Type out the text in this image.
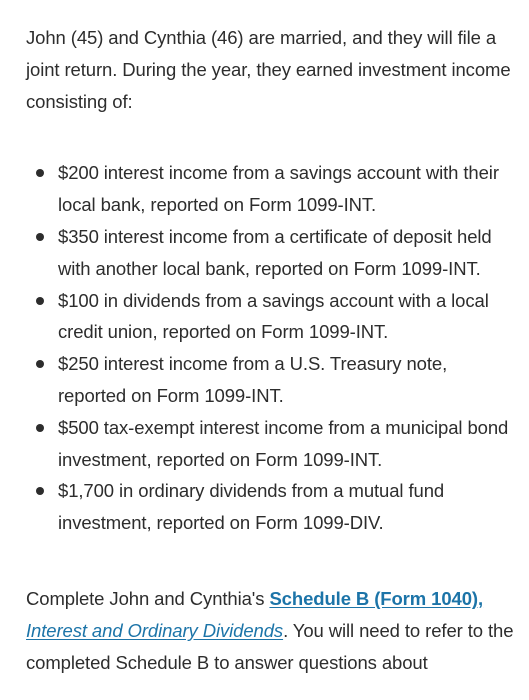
John (45) and Cynthia (46) are married, and they will file a joint return. During the year, they earned investment income consisting of:

$200 interest income from a savings account with their local bank, reported on Form 1099-INT.
$350 interest income from a certificate of deposit held with another local bank, reported on Form 1099-INT.
$100 in dividends from a savings account with a local credit union, reported on Form 1099-INT.
$250 interest income from a U.S. Treasury note, reported on Form 1099-INT.
$500 tax-exempt interest income from a municipal bond investment, reported on Form 1099-INT.
$1,700 in ordinary dividends from a mutual fund investment, reported on Form 1099-DIV.

Complete John and Cynthia's Schedule B (Form 1040), Interest and Ordinary Dividends. You will need to refer to the completed Schedule B to answer questions about
